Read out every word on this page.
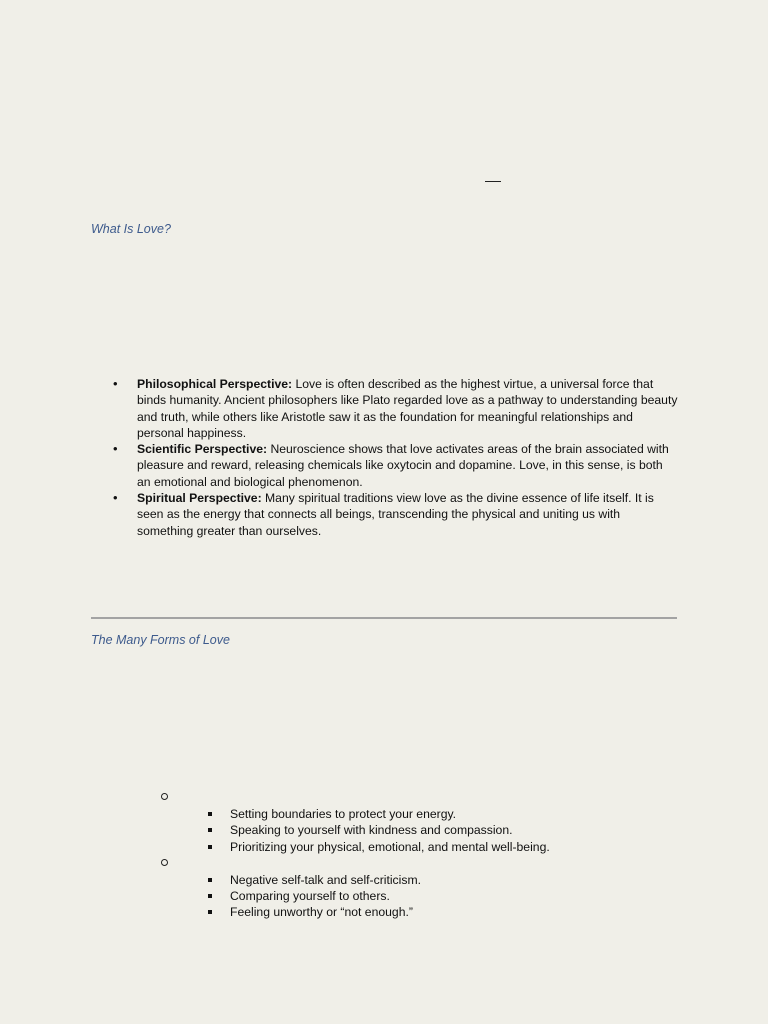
What Is Love?
• Philosophical Perspective: Love is often described as the highest virtue, a universal force that binds humanity. Ancient philosophers like Plato regarded love as a pathway to understanding beauty and truth, while others like Aristotle saw it as the foundation for meaningful relationships and personal happiness.
• Scientific Perspective: Neuroscience shows that love activates areas of the brain associated with pleasure and reward, releasing chemicals like oxytocin and dopamine. Love, in this sense, is both an emotional and biological phenomenon.
• Spiritual Perspective: Many spiritual traditions view love as the divine essence of life itself. It is seen as the energy that connects all beings, transcending the physical and uniting us with something greater than ourselves.
The Many Forms of Love
Setting boundaries to protect your energy.
Speaking to yourself with kindness and compassion.
Prioritizing your physical, emotional, and mental well-being.
Negative self-talk and self-criticism.
Comparing yourself to others.
Feeling unworthy or “not enough.”
